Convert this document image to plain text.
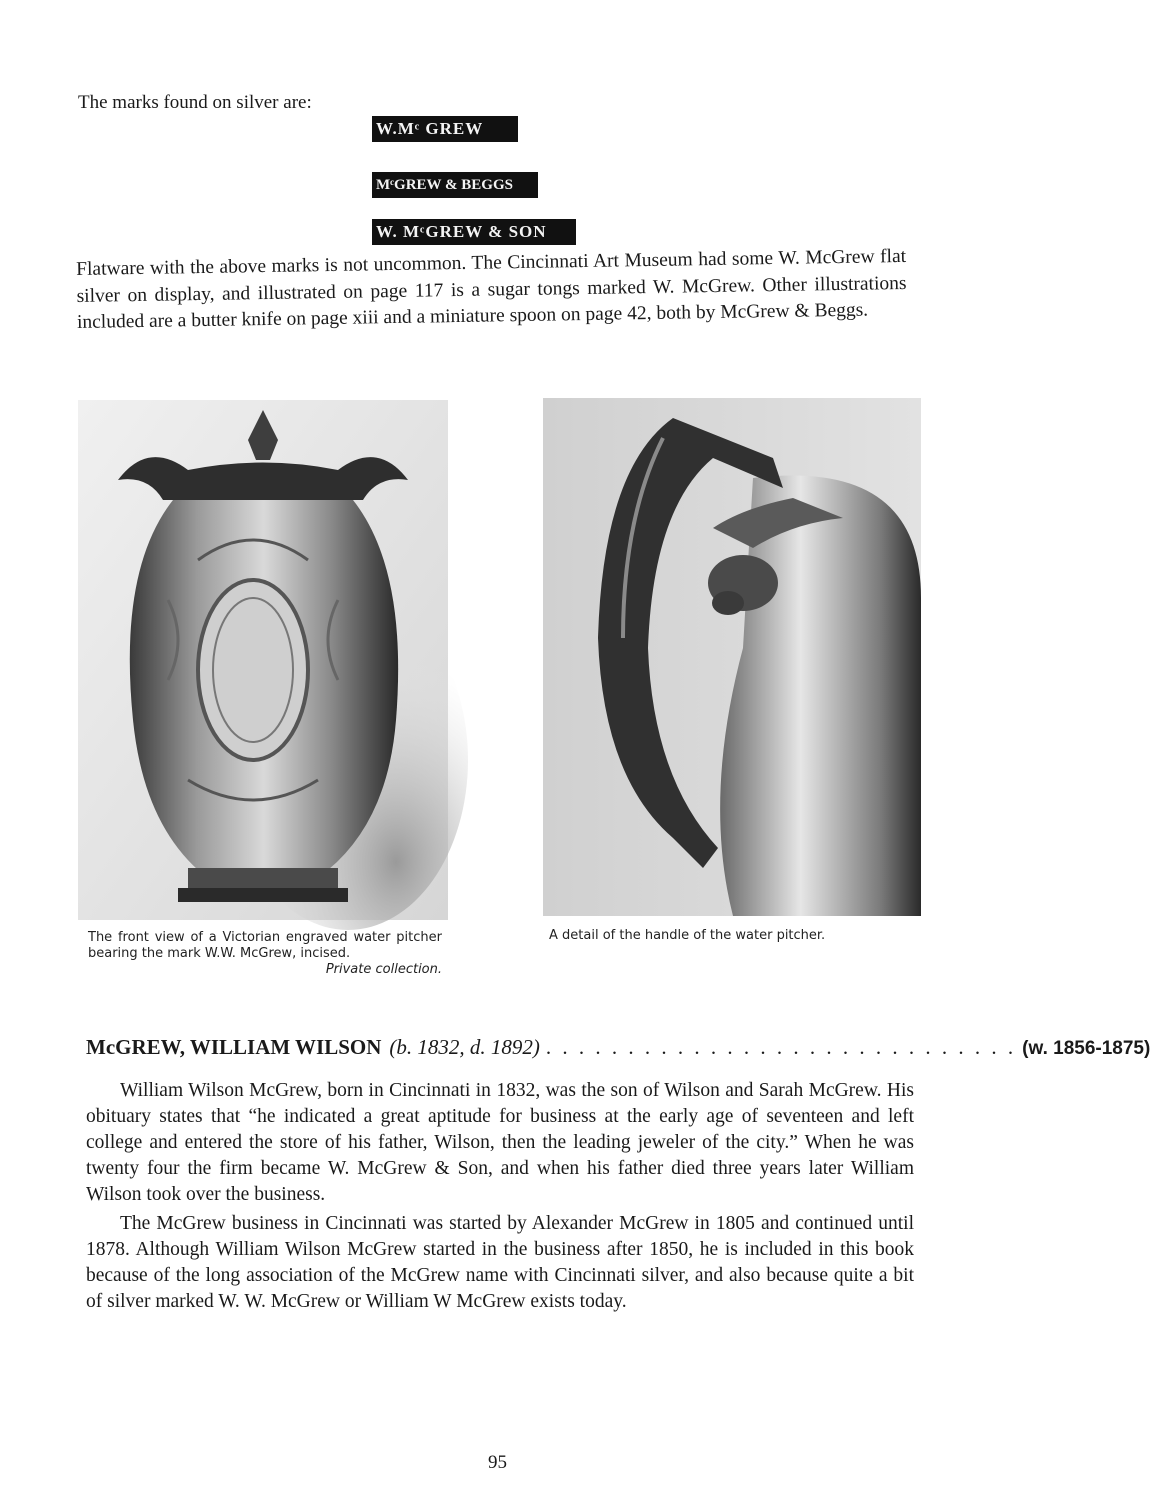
The marks found on silver are:
W.Mᶜ GREW
MᶜGREW & BEGGS
W. MᶜGREW & SON
Flatware with the above marks is not uncommon. The Cincinnati Art Museum had some W. McGrew flat silver on display, and illustrated on page 117 is a sugar tongs marked W. McGrew. Other illustrations included are a butter knife on page xiii and a miniature spoon on page 42, both by McGrew & Beggs.
The front view of a Victorian engraved water pitcher bearing the mark W.W. McGrew, incised.
Private collection.
A detail of the handle of the water pitcher.
McGREW, WILLIAM WILSON (b. 1832, d. 1892) . . . . . . . . . . . . . . . . . . . . . . . . . . . . . (w. 1856-1875)
William Wilson McGrew, born in Cincinnati in 1832, was the son of Wilson and Sarah McGrew. His obituary states that “he indicated a great aptitude for business at the early age of seventeen and left college and entered the store of his father, Wilson, then the leading jeweler of the city.” When he was twenty four the firm became W. McGrew & Son, and when his father died three years later William Wilson took over the business.
The McGrew business in Cincinnati was started by Alexander McGrew in 1805 and continued until 1878. Although William Wilson McGrew started in the business after 1850, he is included in this book because of the long association of the McGrew name with Cincinnati silver, and also because quite a bit of silver marked W. W. McGrew or William W McGrew exists today.
95
